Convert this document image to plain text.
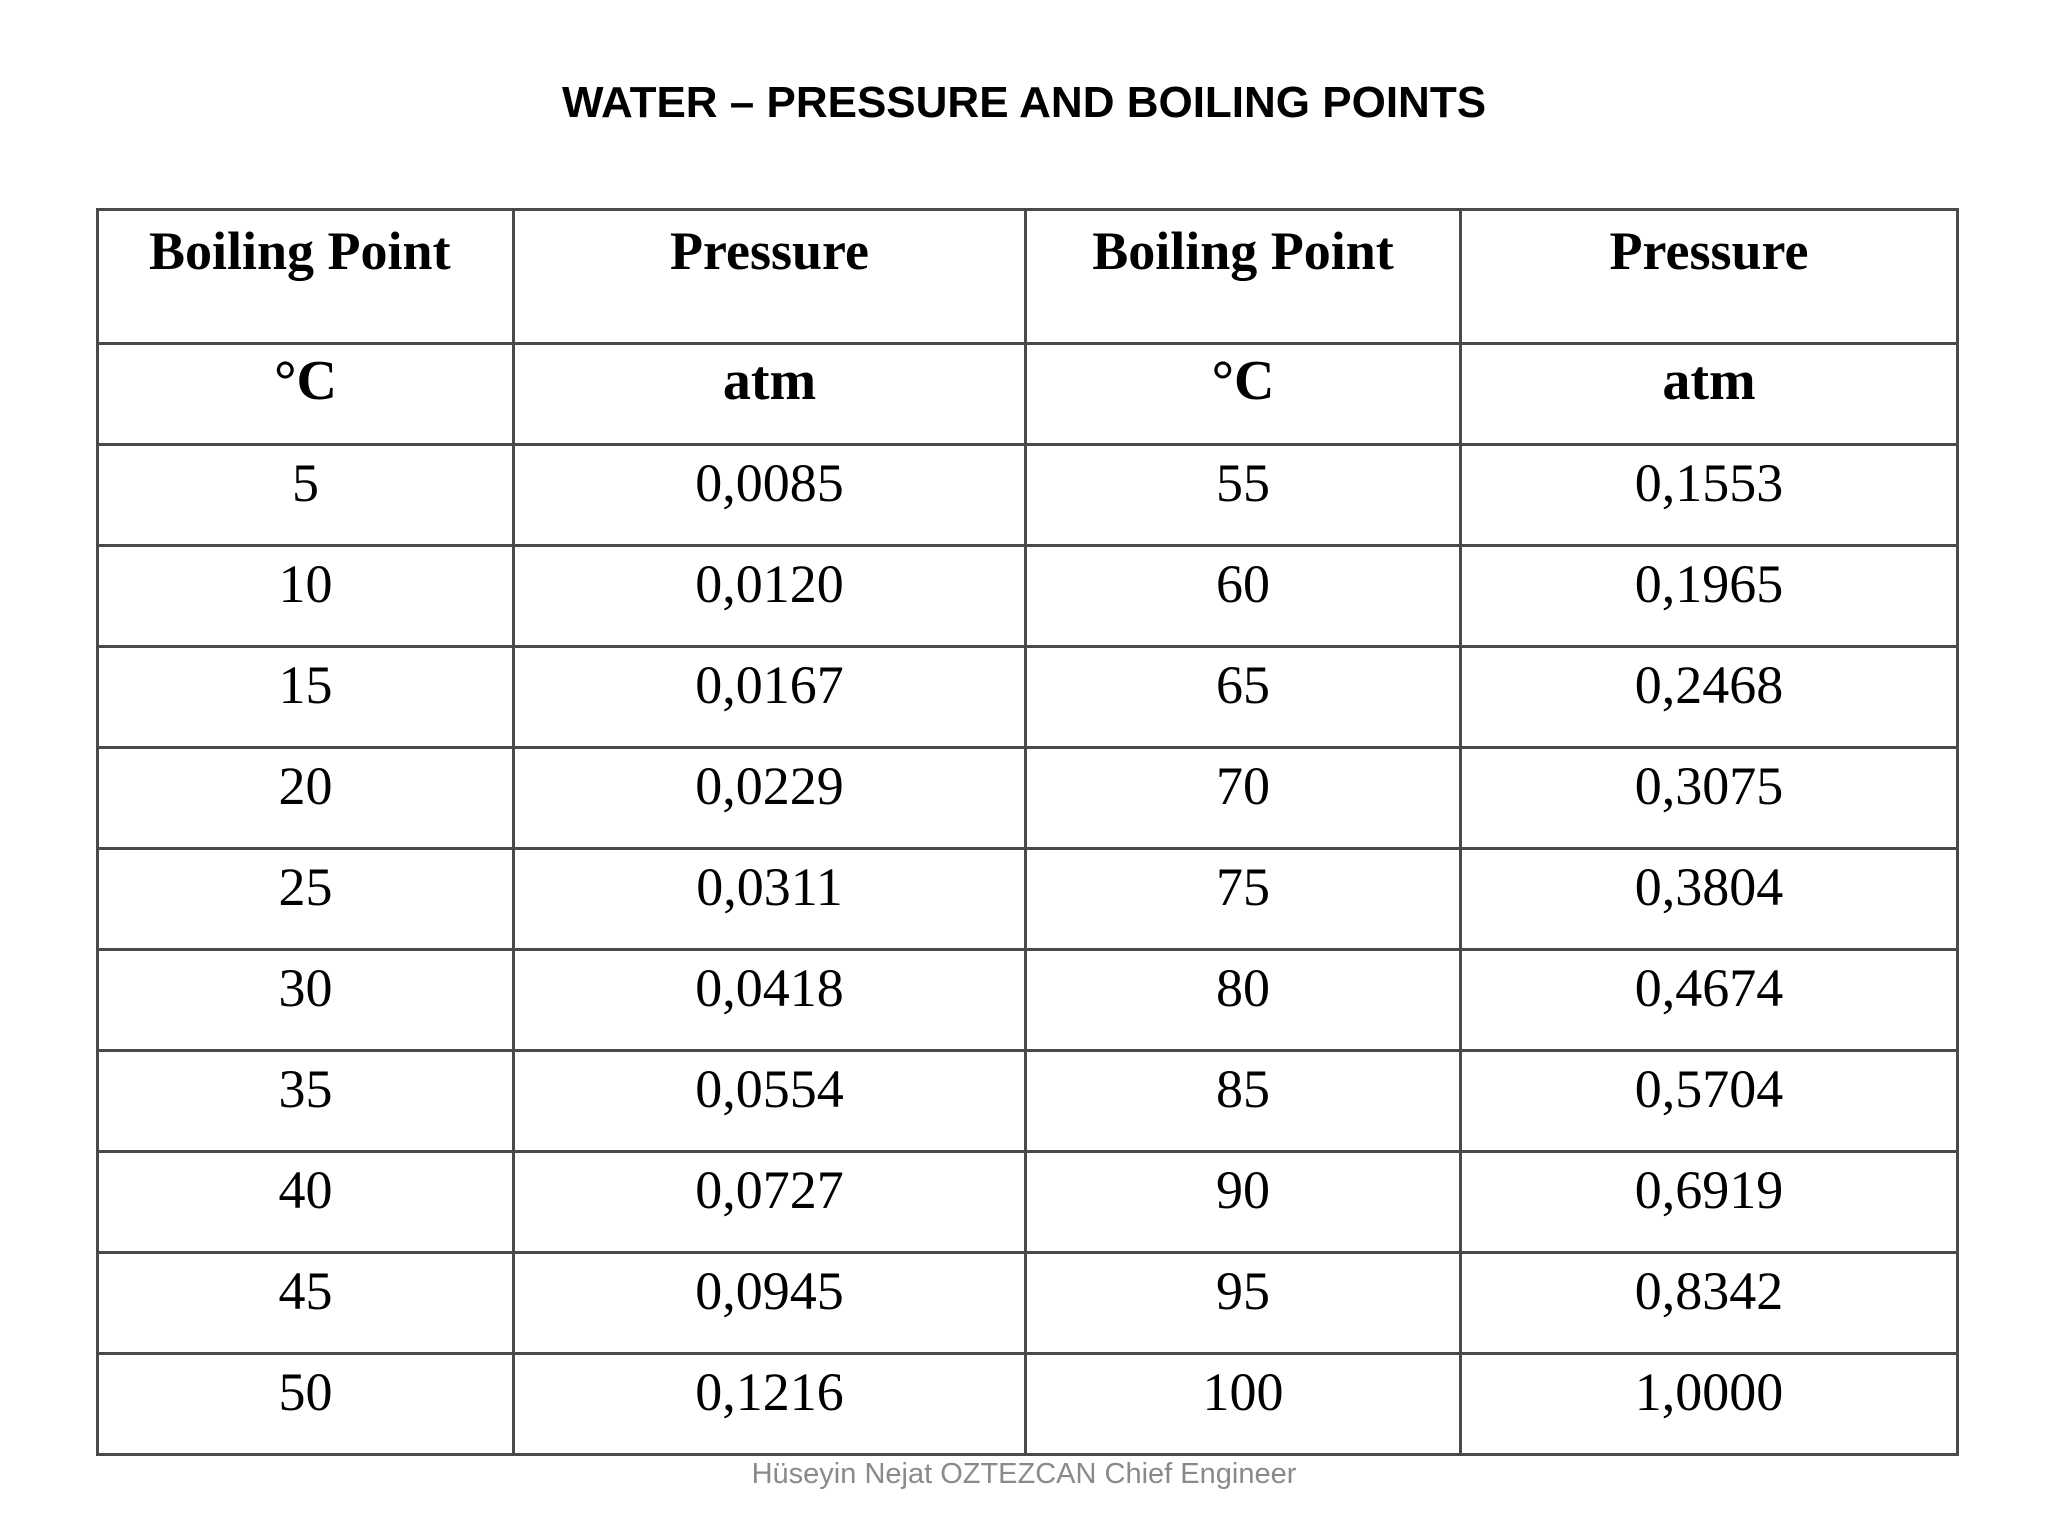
WATER – PRESSURE AND BOILING POINTS
Boiling Point	Pressure	Boiling Point	Pressure
°C	atm	°C	atm
5	0,0085	55	0,1553
10	0,0120	60	0,1965
15	0,0167	65	0,2468
20	0,0229	70	0,3075
25	0,0311	75	0,3804
30	0,0418	80	0,4674
35	0,0554	85	0,5704
40	0,0727	90	0,6919
45	0,0945	95	0,8342
50	0,1216	100	1,0000
Hüseyin Nejat OZTEZCAN Chief Engineer
